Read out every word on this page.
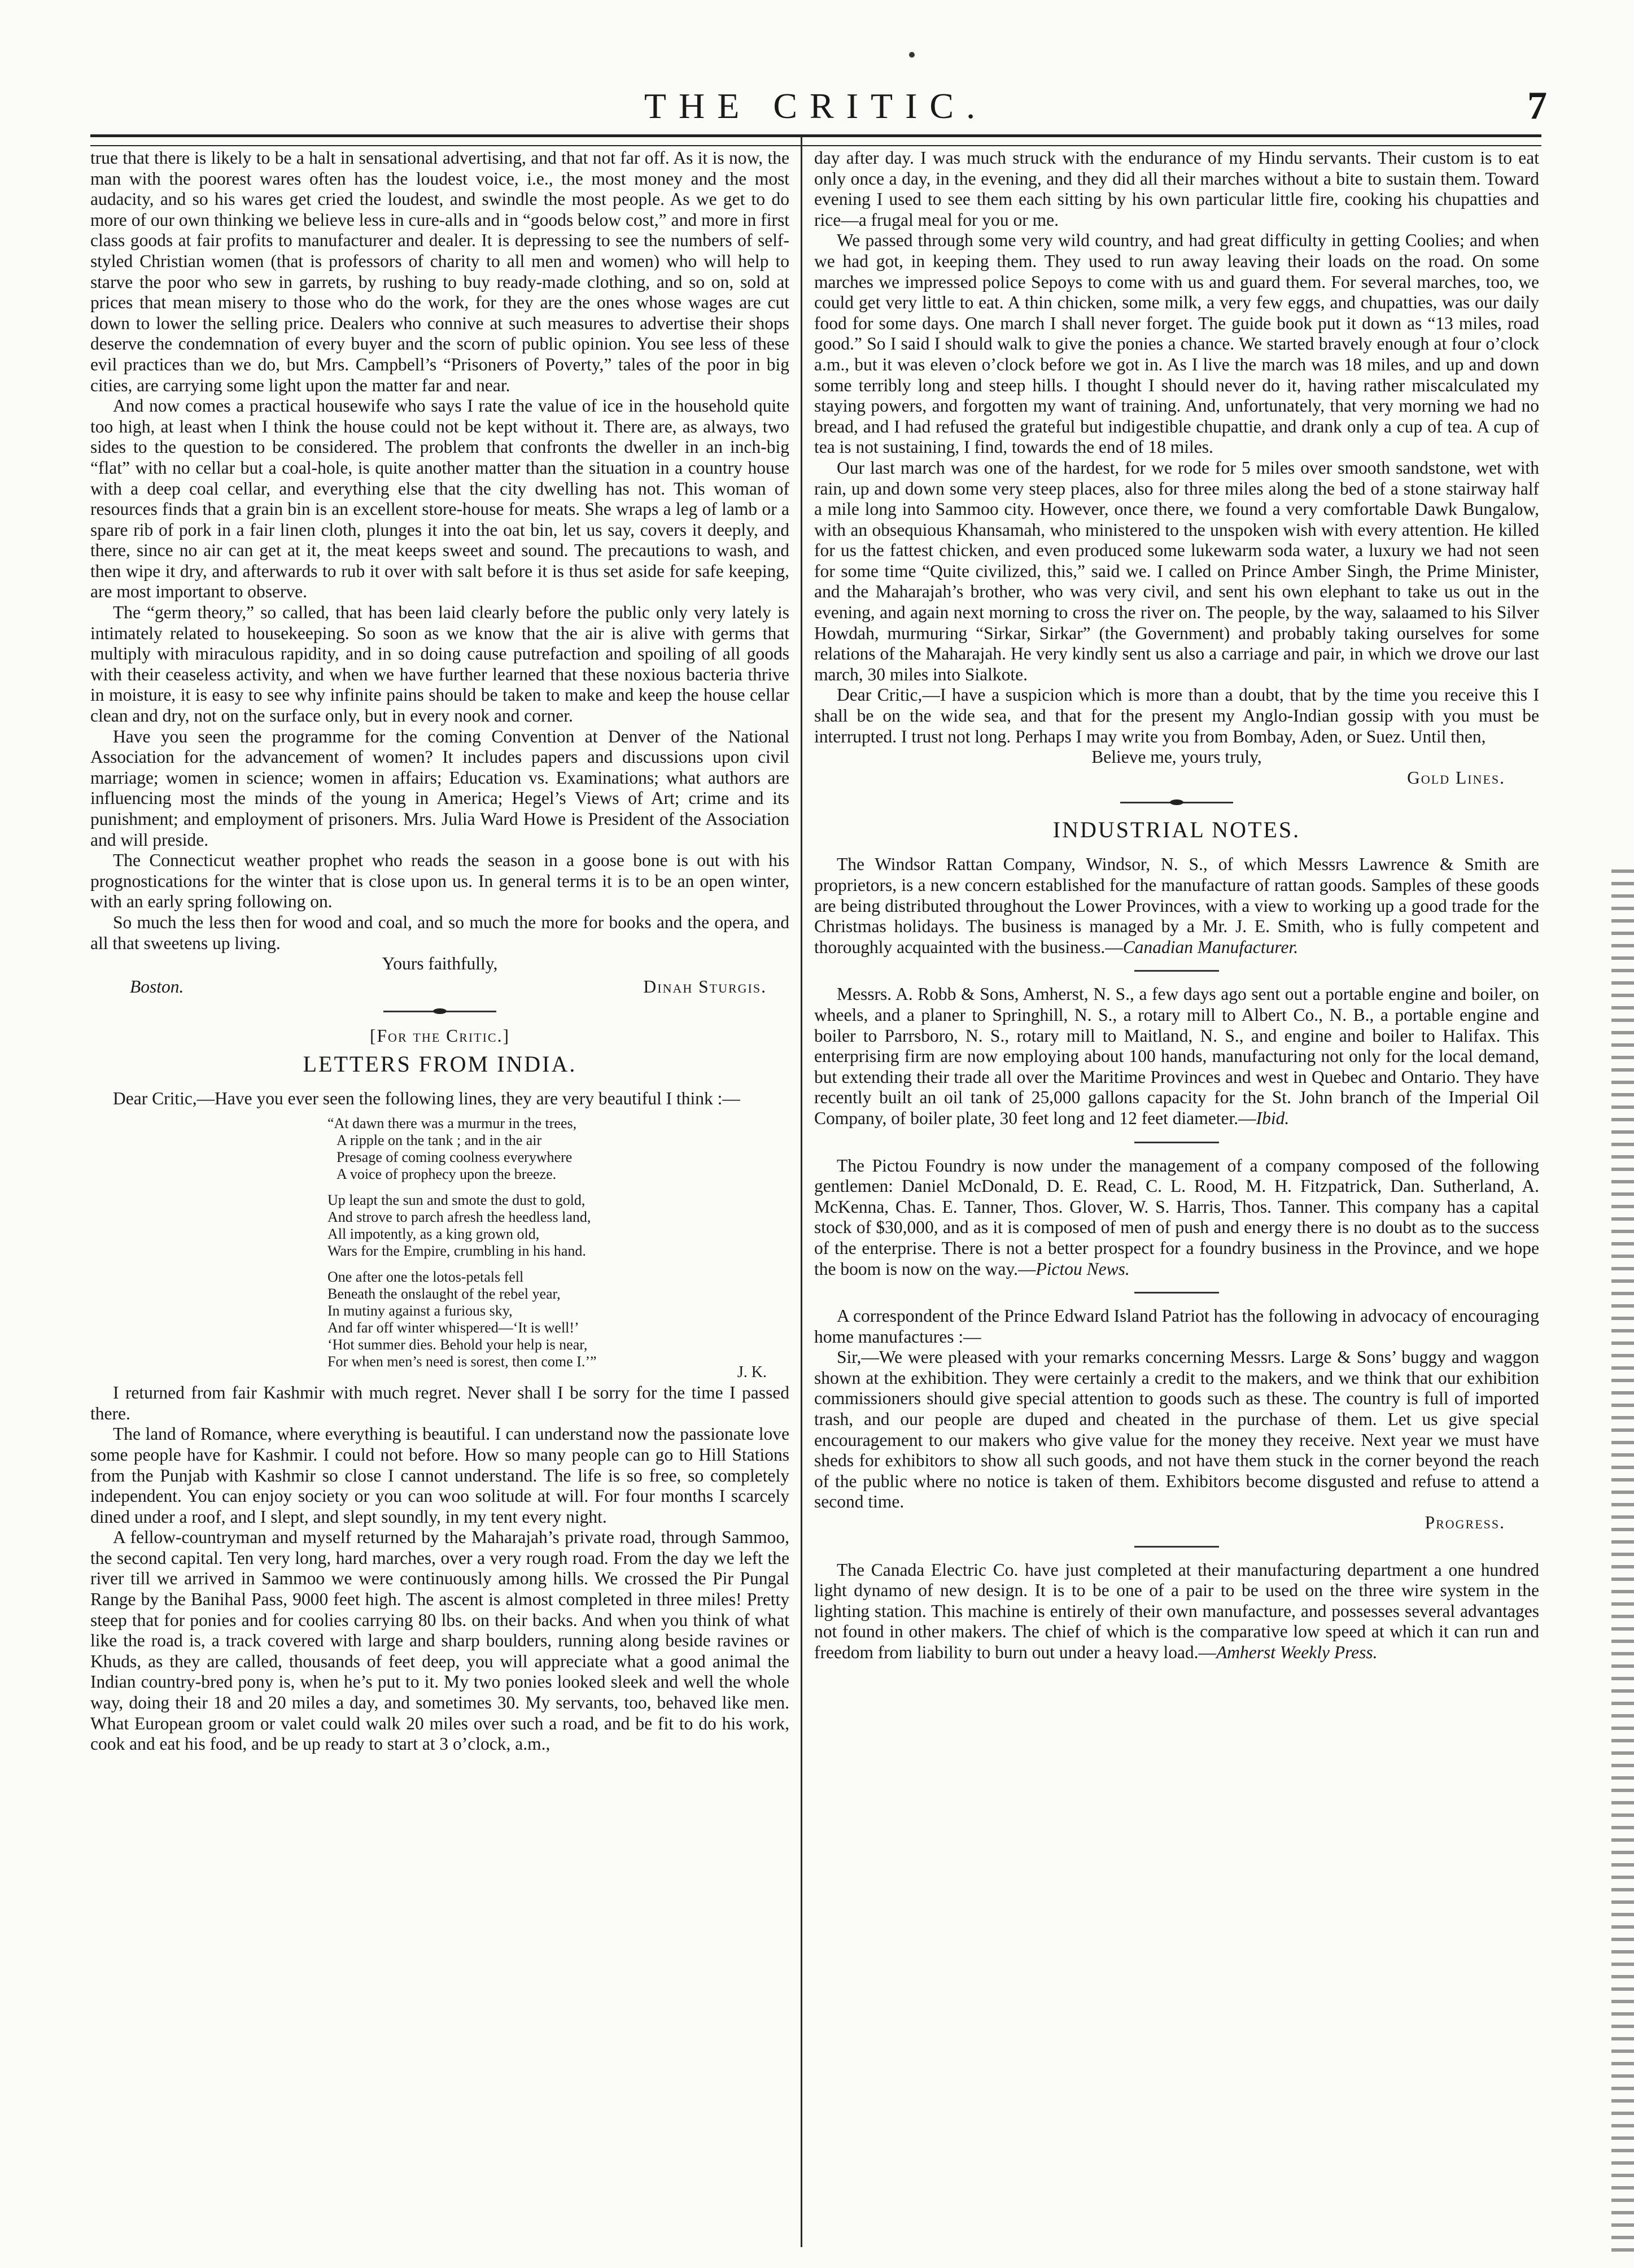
THE CRITIC.	7

true that there is likely to be a halt in sensational advertising, and that not far off. As it is now, the man with the poorest wares often has the loudest voice, i.e., the most money and the most audacity, and so his wares get cried the loudest, and swindle the most people. As we get to do more of our own thinking we believe less in cure-alls and in “goods below cost,” and more in first class goods at fair profits to manufacturer and dealer. It is depressing to see the numbers of self-styled Christian women (that is professors of charity to all men and women) who will help to starve the poor who sew in garrets, by rushing to buy ready-made clothing, and so on, sold at prices that mean misery to those who do the work, for they are the ones whose wages are cut down to lower the selling price. Dealers who connive at such measures to advertise their shops deserve the condemnation of every buyer and the scorn of public opinion. You see less of these evil practices than we do, but Mrs. Campbell’s “Prisoners of Poverty,” tales of the poor in big cities, are carrying some light upon the matter far and near.

And now comes a practical housewife who says I rate the value of ice in the household quite too high, at least when I think the house could not be kept without it. There are, as always, two sides to the question to be considered. The problem that confronts the dweller in an inch-big “flat” with no cellar but a coal-hole, is quite another matter than the situation in a country house with a deep coal cellar, and everything else that the city dwelling has not. This woman of resources finds that a grain bin is an excellent store-house for meats. She wraps a leg of lamb or a spare rib of pork in a fair linen cloth, plunges it into the oat bin, let us say, covers it deeply, and there, since no air can get at it, the meat keeps sweet and sound. The precautions to wash, and then wipe it dry, and afterwards to rub it over with salt before it is thus set aside for safe keeping, are most important to observe.

The “germ theory,” so called, that has been laid clearly before the public only very lately is intimately related to housekeeping. So soon as we know that the air is alive with germs that multiply with miraculous rapidity, and in so doing cause putrefaction and spoiling of all goods with their ceaseless activity, and when we have further learned that these noxious bacteria thrive in moisture, it is easy to see why infinite pains should be taken to make and keep the house cellar clean and dry, not on the surface only, but in every nook and corner.

Have you seen the programme for the coming Convention at Denver of the National Association for the advancement of women? It includes papers and discussions upon civil marriage; women in science; women in affairs; Education vs. Examinations; what authors are influencing most the minds of the young in America; Hegel’s Views of Art; crime and its punishment; and employment of prisoners. Mrs. Julia Ward Howe is President of the Association and will preside.

The Connecticut weather prophet who reads the season in a goose bone is out with his prognostications for the winter that is close upon us. In general terms it is to be an open winter, with an early spring following on.

So much the less then for wood and coal, and so much the more for books and the opera, and all that sweetens up living.

Yours faithfully,
Boston.	Dinah Sturgis.
[For the Critic.]
LETTERS FROM INDIA.

Dear Critic,—Have you ever seen the following lines, they are very beautiful I think :—

“At dawn there was a murmur in the trees,
A ripple on the tank ; and in the air
Presage of coming coolness everywhere
A voice of prophecy upon the breeze.
Up leapt the sun and smote the dust to gold,
And strove to parch afresh the heedless land,
All impotently, as a king grown old,
Wars for the Empire, crumbling in his hand.
One after one the lotos-petals fell
Beneath the onslaught of the rebel year,
In mutiny against a furious sky,
And far off winter whispered—‘It is well!’
‘Hot summer dies. Behold your help is near,
For when men’s need is sorest, then come I.’”
J. K.

I returned from fair Kashmir with much regret. Never shall I be sorry for the time I passed there.

The land of Romance, where everything is beautiful. I can understand now the passionate love some people have for Kashmir. I could not before. How so many people can go to Hill Stations from the Punjab with Kashmir so close I cannot understand. The life is so free, so completely independent. You can enjoy society or you can woo solitude at will. For four months I scarcely dined under a roof, and I slept, and slept soundly, in my tent every night.

A fellow-countryman and myself returned by the Maharajah’s private road, through Sammoo, the second capital. Ten very long, hard marches, over a very rough road. From the day we left the river till we arrived in Sammoo we were continuously among hills. We crossed the Pir Pungal Range by the Banihal Pass, 9000 feet high. The ascent is almost completed in three miles! Pretty steep that for ponies and for coolies carrying 80 lbs. on their backs. And when you think of what like the road is, a track covered with large and sharp boulders, running along beside ravines or Khuds, as they are called, thousands of feet deep, you will appreciate what a good animal the Indian country-bred pony is, when he’s put to it. My two ponies looked sleek and well the whole way, doing their 18 and 20 miles a day, and sometimes 30. My servants, too, behaved like men. What European groom or valet could walk 20 miles over such a road, and be fit to do his work, cook and eat his food, and be up ready to start at 3 o’clock, a.m.,

day after day. I was much struck with the endurance of my Hindu servants. Their custom is to eat only once a day, in the evening, and they did all their marches without a bite to sustain them. Toward evening I used to see them each sitting by his own particular little fire, cooking his chupatties and rice—a frugal meal for you or me.

We passed through some very wild country, and had great difficulty in getting Coolies; and when we had got, in keeping them. They used to run away leaving their loads on the road. On some marches we impressed police Sepoys to come with us and guard them. For several marches, too, we could get very little to eat. A thin chicken, some milk, a very few eggs, and chupatties, was our daily food for some days. One march I shall never forget. The guide book put it down as “13 miles, road good.” So I said I should walk to give the ponies a chance. We started bravely enough at four o’clock a.m., but it was eleven o’clock before we got in. As I live the march was 18 miles, and up and down some terribly long and steep hills. I thought I should never do it, having rather miscalculated my staying powers, and forgotten my want of training. And, unfortunately, that very morning we had no bread, and I had refused the grateful but indigestible chupattie, and drank only a cup of tea. A cup of tea is not sustaining, I find, towards the end of 18 miles.

Our last march was one of the hardest, for we rode for 5 miles over smooth sandstone, wet with rain, up and down some very steep places, also for three miles along the bed of a stone stairway half a mile long into Sammoo city. However, once there, we found a very comfortable Dawk Bungalow, with an obsequious Khansamah, who ministered to the unspoken wish with every attention. He killed for us the fattest chicken, and even produced some lukewarm soda water, a luxury we had not seen for some time “Quite civilized, this,” said we. I called on Prince Amber Singh, the Prime Minister, and the Maharajah’s brother, who was very civil, and sent his own elephant to take us out in the evening, and again next morning to cross the river on. The people, by the way, salaamed to his Silver Howdah, murmuring “Sirkar, Sirkar” (the Government) and probably taking ourselves for some relations of the Maharajah. He very kindly sent us also a carriage and pair, in which we drove our last march, 30 miles into Sialkote.

Dear Critic,—I have a suspicion which is more than a doubt, that by the time you receive this I shall be on the wide sea, and that for the present my Anglo-Indian gossip with you must be interrupted. I trust not long. Perhaps I may write you from Bombay, Aden, or Suez. Until then,

Believe me, yours truly,
Gold Lines.
INDUSTRIAL NOTES.

The Windsor Rattan Company, Windsor, N. S., of which Messrs Lawrence & Smith are proprietors, is a new concern established for the manufacture of rattan goods. Samples of these goods are being distributed throughout the Lower Provinces, with a view to working up a good trade for the Christmas holidays. The business is managed by a Mr. J. E. Smith, who is fully competent and thoroughly acquainted with the business.—Canadian Manufacturer.

Messrs. A. Robb & Sons, Amherst, N. S., a few days ago sent out a portable engine and boiler, on wheels, and a planer to Springhill, N. S., a rotary mill to Albert Co., N. B., a portable engine and boiler to Parrsboro, N. S., rotary mill to Maitland, N. S., and engine and boiler to Halifax. This enterprising firm are now employing about 100 hands, manufacturing not only for the local demand, but extending their trade all over the Maritime Provinces and west in Quebec and Ontario. They have recently built an oil tank of 25,000 gallons capacity for the St. John branch of the Imperial Oil Company, of boiler plate, 30 feet long and 12 feet diameter.—Ibid.

The Pictou Foundry is now under the management of a company composed of the following gentlemen: Daniel McDonald, D. E. Read, C. L. Rood, M. H. Fitzpatrick, Dan. Sutherland, A. McKenna, Chas. E. Tanner, Thos. Glover, W. S. Harris, Thos. Tanner. This company has a capital stock of $30,000, and as it is composed of men of push and energy there is no doubt as to the success of the enterprise. There is not a better prospect for a foundry business in the Province, and we hope the boom is now on the way.—Pictou News.

A correspondent of the Prince Edward Island Patriot has the following in advocacy of encouraging home manufactures :—

Sir,—We were pleased with your remarks concerning Messrs. Large & Sons’ buggy and waggon shown at the exhibition. They were certainly a credit to the makers, and we think that our exhibition commissioners should give special attention to goods such as these. The country is full of imported trash, and our people are duped and cheated in the purchase of them. Let us give special encouragement to our makers who give value for the money they receive. Next year we must have sheds for exhibitors to show all such goods, and not have them stuck in the corner beyond the reach of the public where no notice is taken of them. Exhibitors become disgusted and refuse to attend a second time.

Progress.

The Canada Electric Co. have just completed at their manufacturing department a one hundred light dynamo of new design. It is to be one of a pair to be used on the three wire system in the lighting station. This machine is entirely of their own manufacture, and possesses several advantages not found in other makers. The chief of which is the comparative low speed at which it can run and freedom from liability to burn out under a heavy load.—Amherst Weekly Press.
